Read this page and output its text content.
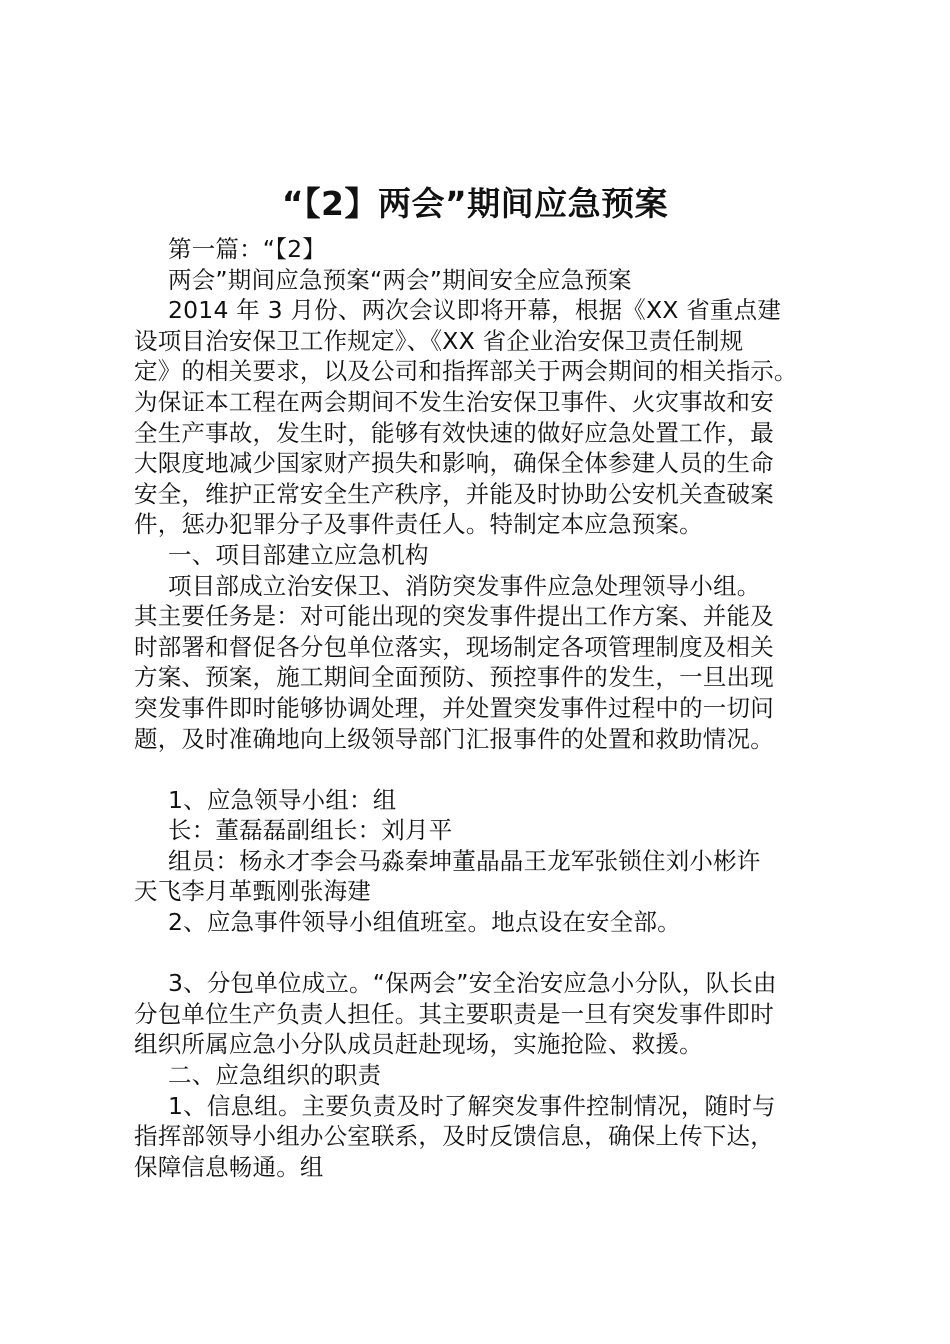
“【2】两会”期间应急预案

第一篇：“【2】

两会”期间应急预案“两会”期间安全应急预案

2014 年 3 月份、两次会议即将开幕，根据《XX 省重点建

设项目治安保卫工作规定》、《XX 省企业治安保卫责任制规

定》的相关要求，以及公司和指挥部关于两会期间的相关指示。

为保证本工程在两会期间不发生治安保卫事件、火灾事故和安

全生产事故，发生时，能够有效快速的做好应急处置工作，最

大限度地减少国家财产损失和影响，确保全体参建人员的生命

安全，维护正常安全生产秩序，并能及时协助公安机关查破案

件，惩办犯罪分子及事件责任人。特制定本应急预案。

一、项目部建立应急机构

项目部成立治安保卫、消防突发事件应急处理领导小组。

其主要任务是：对可能出现的突发事件提出工作方案、并能及

时部署和督促各分包单位落实，现场制定各项管理制度及相关

方案、预案，施工期间全面预防、预控事件的发生，一旦出现

突发事件即时能够协调处理，并处置突发事件过程中的一切问

题，及时准确地向上级领导部门汇报事件的处置和救助情况。

1、应急领导小组：组

长：董磊磊副组长：刘月平

组员：杨永才李会马淼秦坤董晶晶王龙军张锁住刘小彬许

天飞李月革甄刚张海建

2、应急事件领导小组值班室。地点设在安全部。

3、分包单位成立。“保两会”安全治安应急小分队，队长由

分包单位生产负责人担任。其主要职责是一旦有突发事件即时

组织所属应急小分队成员赶赴现场，实施抢险、救援。

二、应急组织的职责

1、信息组。主要负责及时了解突发事件控制情况，随时与

指挥部领导小组办公室联系，及时反馈信息，确保上传下达，

保障信息畅通。组
